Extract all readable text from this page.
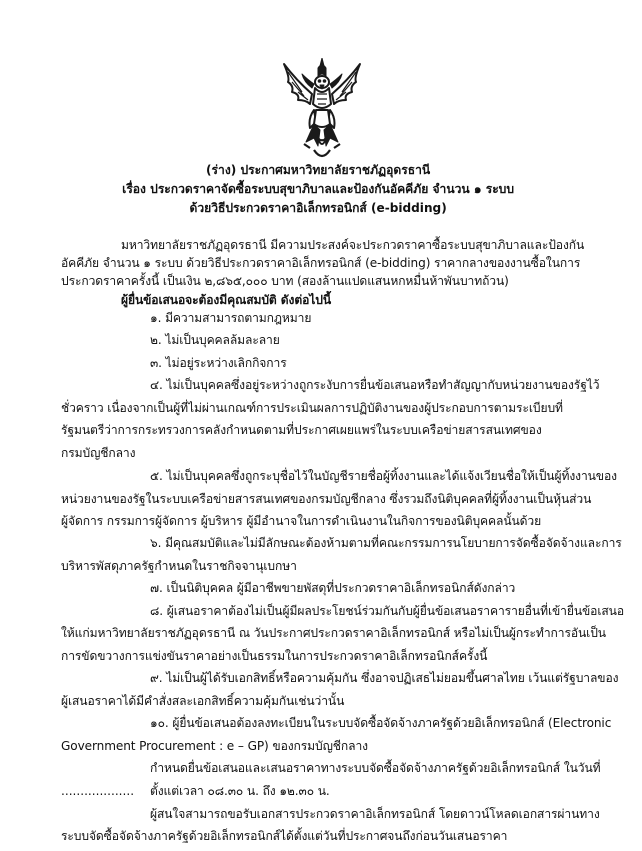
(ร่าง) ประกาศมหาวิทยาลัยราชภัฏอุดรธานี
เรื่อง ประกวดราคาจัดซื้อระบบสุขาภิบาลและป้องกันอัคคีภัย จำนวน ๑ ระบบ
ด้วยวิธีประกวดราคาอิเล็กทรอนิกส์ (e-bidding)
มหาวิทยาลัยราชภัฏอุดรธานี มีความประสงค์จะประกวดราคาซื้อระบบสุขาภิบาลและป้องกัน
อัคคีภัย จำนวน ๑ ระบบ ด้วยวิธีประกวดราคาอิเล็กทรอนิกส์ (e-bidding) ราคากลางของงานซื้อในการ
ประกวดราคาครั้งนี้ เป็นเงิน ๒,๘๖๕,๐๐๐ บาท (สองล้านแปดแสนหกหมื่นห้าพันบาทถ้วน)
ผู้ยื่นข้อเสนอจะต้องมีคุณสมบัติ ดังต่อไปนี้
๑. มีความสามารถตามกฎหมาย
๒. ไม่เป็นบุคคลล้มละลาย
๓. ไม่อยู่ระหว่างเลิกกิจการ
๔. ไม่เป็นบุคคลซึ่งอยู่ระหว่างถูกระงับการยื่นข้อเสนอหรือทำสัญญากับหน่วยงานของรัฐไว้
ชั่วคราว เนื่องจากเป็นผู้ที่ไม่ผ่านเกณฑ์การประเมินผลการปฏิบัติงานของผู้ประกอบการตามระเบียบที่
รัฐมนตรีว่าการกระทรวงการคลังกำหนดตามที่ประกาศเผยแพร่ในระบบเครือข่ายสารสนเทศของ
กรมบัญชีกลาง
๕. ไม่เป็นบุคคลซึ่งถูกระบุชื่อไว้ในบัญชีรายชื่อผู้ทิ้งงานและได้แจ้งเวียนชื่อให้เป็นผู้ทิ้งงานของ
หน่วยงานของรัฐในระบบเครือข่ายสารสนเทศของกรมบัญชีกลาง ซึ่งรวมถึงนิติบุคคลที่ผู้ทิ้งงานเป็นหุ้นส่วน
ผู้จัดการ กรรมการผู้จัดการ ผู้บริหาร ผู้มีอำนาจในการดำเนินงานในกิจการของนิติบุคคลนั้นด้วย
๖. มีคุณสมบัติและไม่มีลักษณะต้องห้ามตามที่คณะกรรมการนโยบายการจัดซื้อจัดจ้างและการ
บริหารพัสดุภาครัฐกำหนดในราชกิจจานุเบกษา
๗. เป็นนิติบุคคล ผู้มีอาชีพขายพัสดุที่ประกวดราคาอิเล็กทรอนิกส์ดังกล่าว
๘. ผู้เสนอราคาต้องไม่เป็นผู้มีผลประโยชน์ร่วมกันกับผู้ยื่นข้อเสนอราคารายอื่นที่เข้ายื่นข้อเสนอ
ให้แก่มหาวิทยาลัยราชภัฏอุดรธานี ณ วันประกาศประกวดราคาอิเล็กทรอนิกส์ หรือไม่เป็นผู้กระทำการอันเป็น
การขัดขวางการแข่งขันราคาอย่างเป็นธรรมในการประกวดราคาอิเล็กทรอนิกส์ครั้งนี้
๙. ไม่เป็นผู้ได้รับเอกสิทธิ์หรือความคุ้มกัน ซึ่งอาจปฏิเสธไม่ยอมขึ้นศาลไทย เว้นแต่รัฐบาลของ
ผู้เสนอราคาได้มีคำสั่งสละเอกสิทธิ์ความคุ้มกันเช่นว่านั้น
๑๐. ผู้ยื่นข้อเสนอต้องลงทะเบียนในระบบจัดซื้อจัดจ้างภาครัฐด้วยอิเล็กทรอนิกส์ (Electronic
Government Procurement : e – GP) ของกรมบัญชีกลาง
กำหนดยื่นข้อเสนอและเสนอราคาทางระบบจัดซื้อจัดจ้างภาครัฐด้วยอิเล็กทรอนิกส์ ในวันที่
................... ตั้งแต่เวลา ๐๘.๓๐ น. ถึง ๑๒.๓๐ น.
ผู้สนใจสามารถขอรับเอกสารประกวดราคาอิเล็กทรอนิกส์ โดยดาวน์โหลดเอกสารผ่านทาง
ระบบจัดซื้อจัดจ้างภาครัฐด้วยอิเล็กทรอนิกส์ได้ตั้งแต่วันที่ประกาศจนถึงก่อนวันเสนอราคา
